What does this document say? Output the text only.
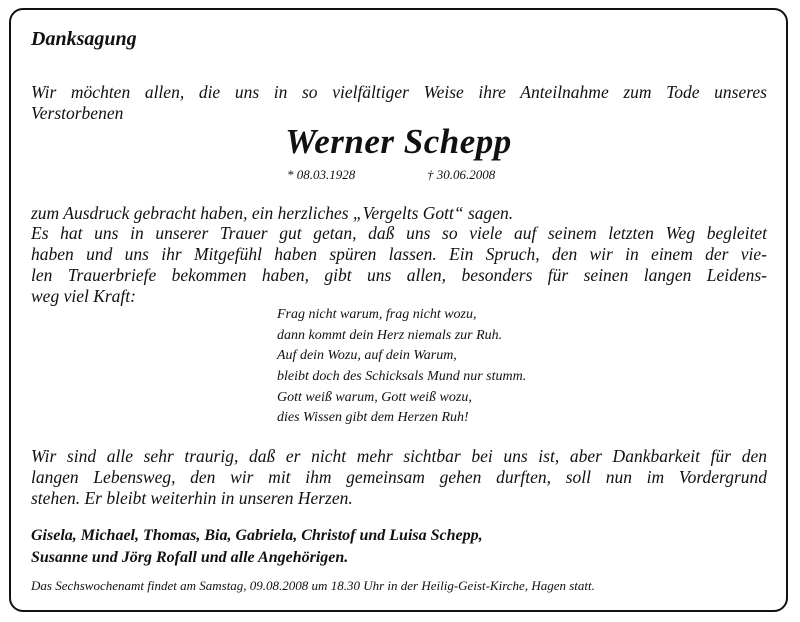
Danksagung
Wir möchten allen, die uns in so vielfältiger Weise ihre Anteilnahme zum Tode unseres
Verstorbenen
Werner Schepp
* 08.03.1928	† 30.06.2008
zum Ausdruck gebracht haben, ein herzliches „Vergelts Gott“ sagen.
Es hat uns in unserer Trauer gut getan, daß uns so viele auf seinem letzten Weg begleitet
haben und uns ihr Mitgefühl haben spüren lassen. Ein Spruch, den wir in einem der vie-
len Trauerbriefe bekommen haben, gibt uns allen, besonders für seinen langen Leidens-
weg viel Kraft:
Frag nicht warum, frag nicht wozu,
dann kommt dein Herz niemals zur Ruh.
Auf dein Wozu, auf dein Warum,
bleibt doch des Schicksals Mund nur stumm.
Gott weiß warum, Gott weiß wozu,
dies Wissen gibt dem Herzen Ruh!
Wir sind alle sehr traurig, daß er nicht mehr sichtbar bei uns ist, aber Dankbarkeit für den
langen Lebensweg, den wir mit ihm gemeinsam gehen durften, soll nun im Vordergrund
stehen. Er bleibt weiterhin in unseren Herzen.
Gisela, Michael, Thomas, Bia, Gabriela, Christof und Luisa Schepp,
Susanne und Jörg Rofall und alle Angehörigen.
Das Sechswochenamt findet am Samstag, 09.08.2008 um 18.30 Uhr in der Heilig-Geist-Kirche, Hagen statt.
